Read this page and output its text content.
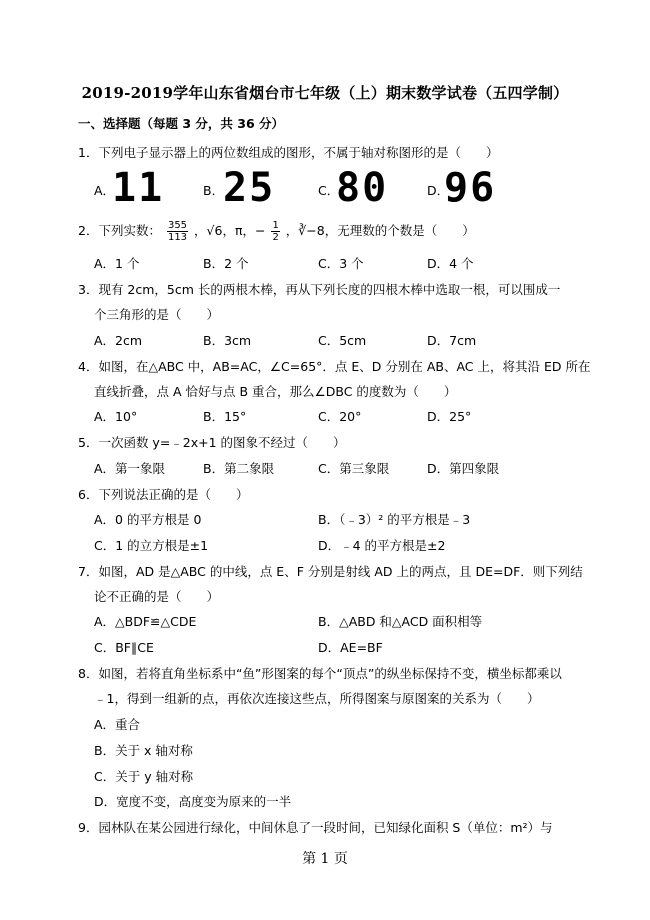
2019-2019学年山东省烟台市七年级（上）期末数学试卷（五四学制）
一、选择题（每题 3 分，共 36 分）
1．下列电子显示器上的两位数组成的图形，不属于轴对称图形的是（　　）
A．
11	B．
25	C．
80	D．
96
2．下列实数： $\frac{355}{113}$ ，√6，π，− $\frac{1}{2}$ ，∛−8，无理数的个数是（　　）
A．1 个	B．2 个	C．3 个	D．4 个
3．现有 2cm，5cm 长的两根木棒，再从下列长度的四根木棒中选取一根，可以围成一
个三角形的是（　　）
A．2cm	B．3cm	C．5cm	D．7cm
4．如图，在△ABC 中，AB=AC，∠C=65°．点 E、D 分别在 AB、AC 上，将其沿 ED 所在
直线折叠，点 A 恰好与点 B 重合，那么∠DBC 的度数为（　　）
A．10°	B．15°	C．20°	D．25°
5．一次函数 y=﹣2x+1 的图象不经过（　　）
A．第一象限	B．第二象限	C．第三象限	D．第四象限
6．下列说法正确的是（　　）
A．0 的平方根是 0	B．（﹣3）² 的平方根是﹣3
C．1 的立方根是±1	D．﹣4 的平方根是±2
7．如图，AD 是△ABC 的中线，点 E、F 分别是射线 AD 上的两点，且 DE=DF．则下列结
论不正确的是（　　）
A．△BDF≌△CDE	B．△ABD 和△ACD 面积相等
C．BF∥CE	D．AE=BF
8．如图，若将直角坐标系中“鱼”形图案的每个“顶点”的纵坐标保持不变，横坐标都乘以
﹣1，得到一组新的点，再依次连接这些点，所得图案与原图案的关系为（　　）
A．重合
B．关于 x 轴对称
C．关于 y 轴对称
D．宽度不变，高度变为原来的一半
9．园林队在某公园进行绿化，中间休息了一段时间，已知绿化面积 S（单位：m²）与
第 1 页
